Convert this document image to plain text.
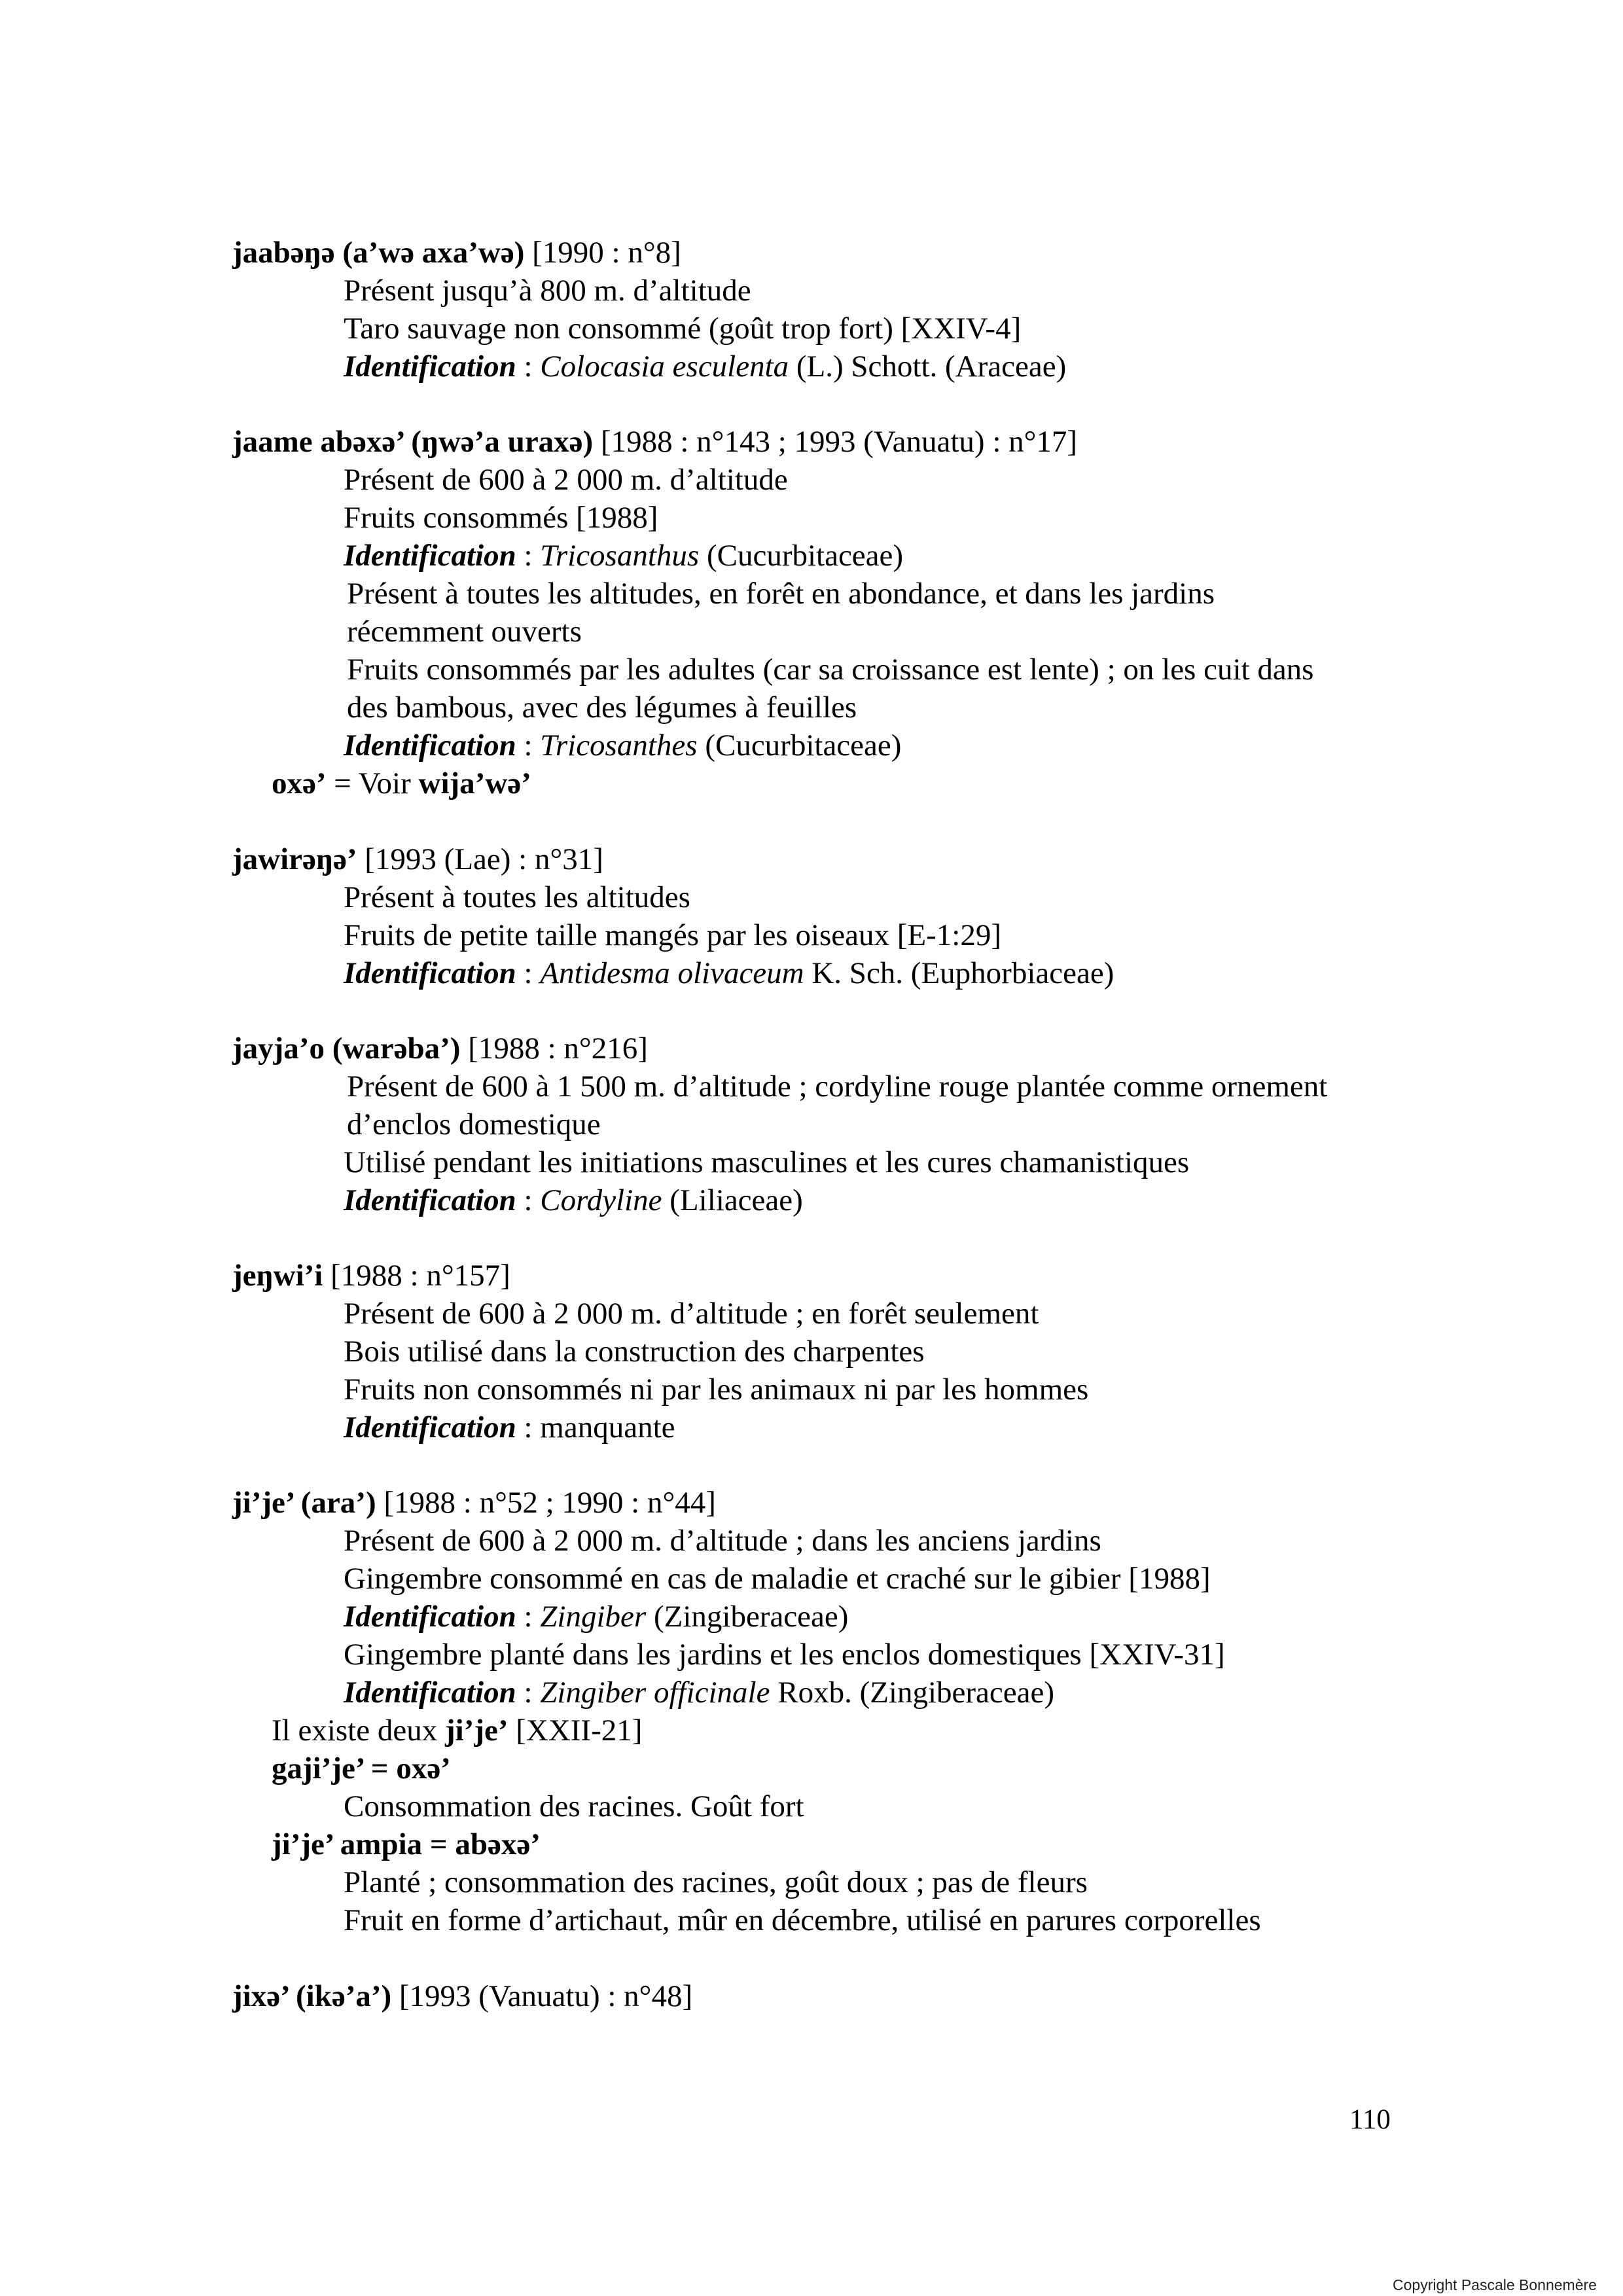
jaabəŋə (a’wə axa’wə) [1990 : n°8]
Présent jusqu’à 800 m. d’altitude
Taro sauvage non consommé (goût trop fort) [XXIV-4]
Identification : Colocasia esculenta (L.) Schott. (Araceae)
jaame abəxə’ (ŋwə’a uraxə) [1988 : n°143 ; 1993 (Vanuatu) : n°17]
Présent de 600 à 2 000 m. d’altitude
Fruits consommés [1988]
Identification : Tricosanthus (Cucurbitaceae)
Présent à toutes les altitudes, en forêt en abondance, et dans les jardins
récemment ouverts
Fruits consommés par les adultes (car sa croissance est lente) ; on les cuit dans
des bambous, avec des légumes à feuilles
Identification : Tricosanthes (Cucurbitaceae)
oxə’ = Voir wija’wə’
jawirəŋə’ [1993 (Lae) : n°31]
Présent à toutes les altitudes
Fruits de petite taille mangés par les oiseaux [E-1:29]
Identification : Antidesma olivaceum K. Sch. (Euphorbiaceae)
jayja’o (warəba’) [1988 : n°216]
Présent de 600 à 1 500 m. d’altitude ; cordyline rouge plantée comme ornement
d’enclos domestique
Utilisé pendant les initiations masculines et les cures chamanistiques
Identification : Cordyline (Liliaceae)
jeŋwi’i [1988 : n°157]
Présent de 600 à 2 000 m. d’altitude ; en forêt seulement
Bois utilisé dans la construction des charpentes
Fruits non consommés ni par les animaux ni par les hommes
Identification : manquante
ji’je’ (ara’) [1988 : n°52 ; 1990 : n°44]
Présent de 600 à 2 000 m. d’altitude ; dans les anciens jardins
Gingembre consommé en cas de maladie et craché sur le gibier [1988]
Identification : Zingiber (Zingiberaceae)
Gingembre planté dans les jardins et les enclos domestiques [XXIV-31]
Identification : Zingiber officinale Roxb. (Zingiberaceae)
Il existe deux ji’je’ [XXII-21]
gaji’je’ = oxə’
Consommation des racines. Goût fort
ji’je’ ampia = abəxə’
Planté ; consommation des racines, goût doux ; pas de fleurs
Fruit en forme d’artichaut, mûr en décembre, utilisé en parures corporelles
jixə’ (ikə’a’) [1993 (Vanuatu) : n°48]
110
Copyright Pascale Bonnemère
